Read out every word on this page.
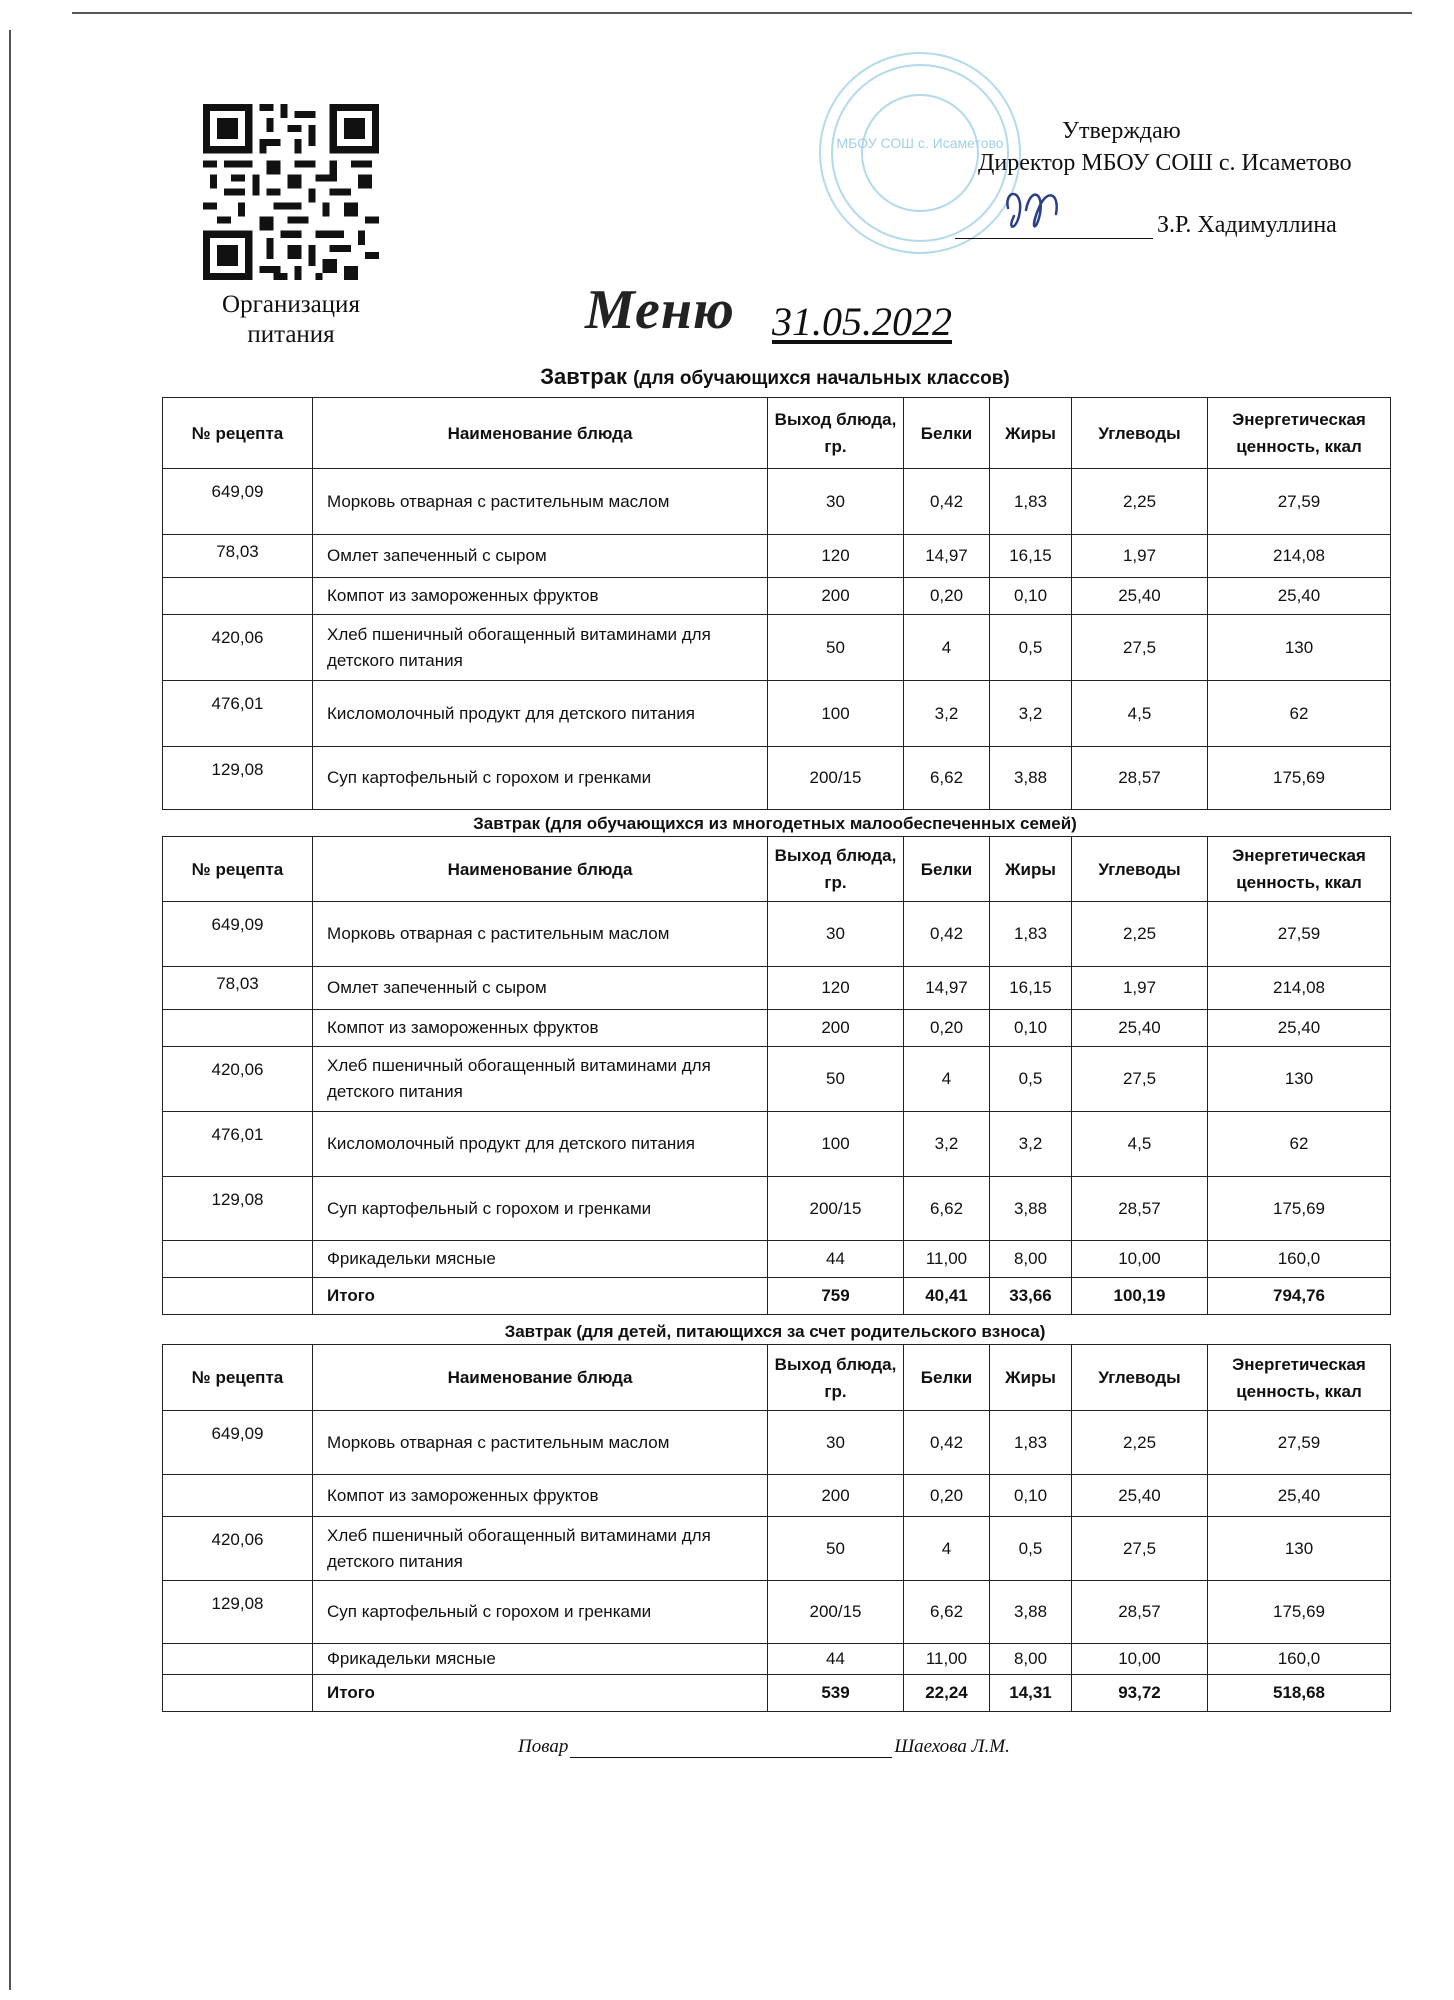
Организация
питания
МБОУ СОШ с. Исаметово Утверждаю
Директор МБОУ СОШ с. Исаметово
З.Р. Хадимуллина
Меню 31.05.2022
Завтрак (для обучающихся начальных классов)
№ рецепта	Наименование блюда	Выход блюда, гр.	Белки	Жиры	Углеводы	Энергетическая ценность, ккал
649,09	Морковь отварная с растительным маслом	30	0,42	1,83	2,25	27,59
78,03	Омлет запеченный с сыром	120	14,97	16,15	1,97	214,08
	Компот из замороженных фруктов	200	0,20	0,10	25,40	25,40
420,06	Хлеб пшеничный обогащенный витаминами для детского питания	50	4	0,5	27,5	130
476,01	Кисломолочный продукт для детского питания	100	3,2	3,2	4,5	62
129,08	Суп картофельный с горохом и гренками	200/15	6,62	3,88	28,57	175,69
Завтрак (для обучающихся из многодетных малообеспеченных семей)
№ рецепта	Наименование блюда	Выход блюда, гр.	Белки	Жиры	Углеводы	Энергетическая ценность, ккал
649,09	Морковь отварная с растительным маслом	30	0,42	1,83	2,25	27,59
78,03	Омлет запеченный с сыром	120	14,97	16,15	1,97	214,08
	Компот из замороженных фруктов	200	0,20	0,10	25,40	25,40
420,06	Хлеб пшеничный обогащенный витаминами для детского питания	50	4	0,5	27,5	130
476,01	Кисломолочный продукт для детского питания	100	3,2	3,2	4,5	62
129,08	Суп картофельный с горохом и гренками	200/15	6,62	3,88	28,57	175,69
	Фрикадельки мясные	44	11,00	8,00	10,00	160,0
	Итого	759	40,41	33,66	100,19	794,76
Завтрак (для детей, питающихся за счет родительского взноса)
№ рецепта	Наименование блюда	Выход блюда, гр.	Белки	Жиры	Углеводы	Энергетическая ценность, ккал
649,09	Морковь отварная с растительным маслом	30	0,42	1,83	2,25	27,59
	Компот из замороженных фруктов	200	0,20	0,10	25,40	25,40
420,06	Хлеб пшеничный обогащенный витаминами для детского питания	50	4	0,5	27,5	130
129,08	Суп картофельный с горохом и гренками	200/15	6,62	3,88	28,57	175,69
	Фрикадельки мясные	44	11,00	8,00	10,00	160,0
	Итого	539	22,24	14,31	93,72	518,68
Повар	Шаехова Л.М.
